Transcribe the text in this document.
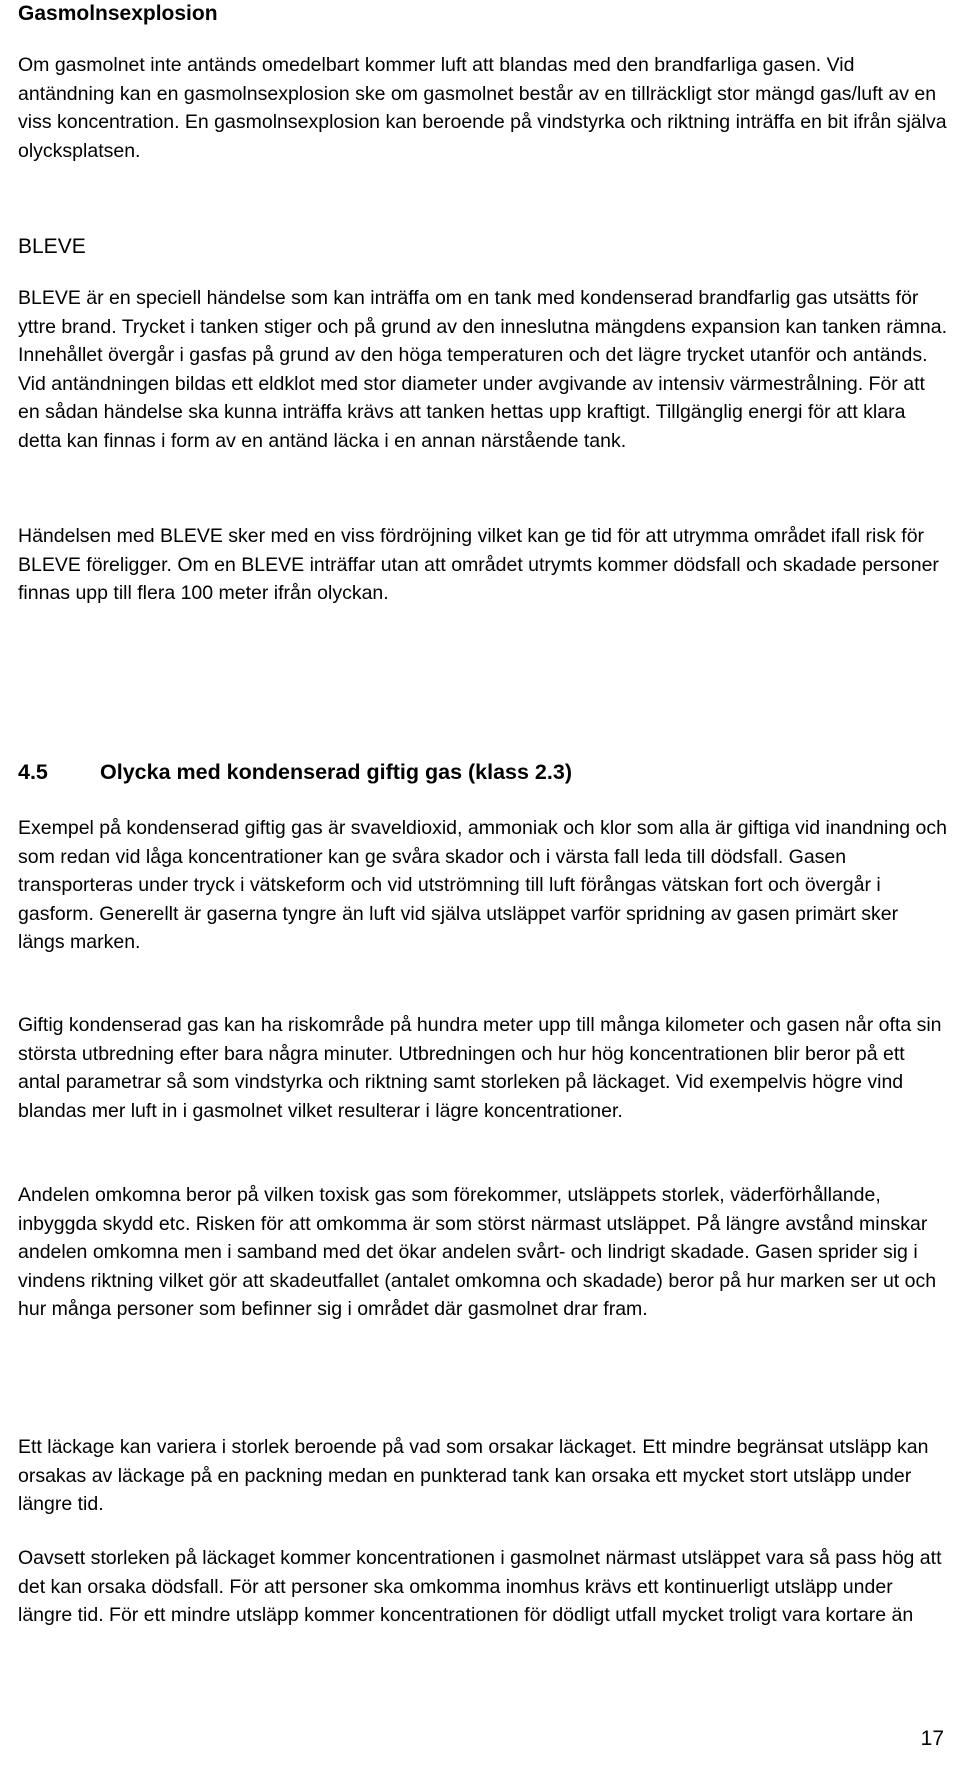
Gasmolnsexplosion
Om gasmolnet inte antänds omedelbart kommer luft att blandas med den brandfarliga gasen. Vid antändning kan en gasmolnsexplosion ske om gasmolnet består av en tillräckligt stor mängd gas/luft av en viss koncentration. En gasmolnsexplosion kan beroende på vindstyrka och riktning inträffa en bit ifrån själva olycksplatsen.
BLEVE
BLEVE är en speciell händelse som kan inträffa om en tank med kondenserad brandfarlig gas utsätts för yttre brand. Trycket i tanken stiger och på grund av den inneslutna mängdens expansion kan tanken rämna. Innehållet övergår i gasfas på grund av den höga temperaturen och det lägre trycket utanför och antänds. Vid antändningen bildas ett eldklot med stor diameter under avgivande av intensiv värmestrålning. För att en sådan händelse ska kunna inträffa krävs att tanken hettas upp kraftigt. Tillgänglig energi för att klara detta kan finnas i form av en antänd läcka i en annan närstående tank.
Händelsen med BLEVE sker med en viss fördröjning vilket kan ge tid för att utrymma området ifall risk för BLEVE föreligger. Om en BLEVE inträffar utan att området utrymts kommer dödsfall och skadade personer finnas upp till flera 100 meter ifrån olyckan.
4.5	Olycka med kondenserad giftig gas (klass 2.3)
Exempel på kondenserad giftig gas är svaveldioxid, ammoniak och klor som alla är giftiga vid inandning och som redan vid låga koncentrationer kan ge svåra skador och i värsta fall leda till dödsfall. Gasen transporteras under tryck i vätskeform och vid utströmning till luft förångas vätskan fort och övergår i gasform. Generellt är gaserna tyngre än luft vid själva utsläppet varför spridning av gasen primärt sker längs marken.
Giftig kondenserad gas kan ha riskområde på hundra meter upp till många kilometer och gasen når ofta sin största utbredning efter bara några minuter. Utbredningen och hur hög koncentrationen blir beror på ett antal parametrar så som vindstyrka och riktning samt storleken på läckaget. Vid exempelvis högre vind blandas mer luft in i gasmolnet vilket resulterar i lägre koncentrationer.
Andelen omkomna beror på vilken toxisk gas som förekommer, utsläppets storlek, väderförhållande, inbyggda skydd etc. Risken för att omkomma är som störst närmast utsläppet. På längre avstånd minskar andelen omkomna men i samband med det ökar andelen svårt- och lindrigt skadade. Gasen sprider sig i vindens riktning vilket gör att skadeutfallet (antalet omkomna och skadade) beror på hur marken ser ut och hur många personer som befinner sig i området där gasmolnet drar fram.
Ett läckage kan variera i storlek beroende på vad som orsakar läckaget. Ett mindre begränsat utsläpp kan orsakas av läckage på en packning medan en punkterad tank kan orsaka ett mycket stort utsläpp under längre tid.
Oavsett storleken på läckaget kommer koncentrationen i gasmolnet närmast utsläppet vara så pass hög att det kan orsaka dödsfall. För att personer ska omkomma inomhus krävs ett kontinuerligt utsläpp under längre tid. För ett mindre utsläpp kommer koncentrationen för dödligt utfall mycket troligt vara kortare än
17
